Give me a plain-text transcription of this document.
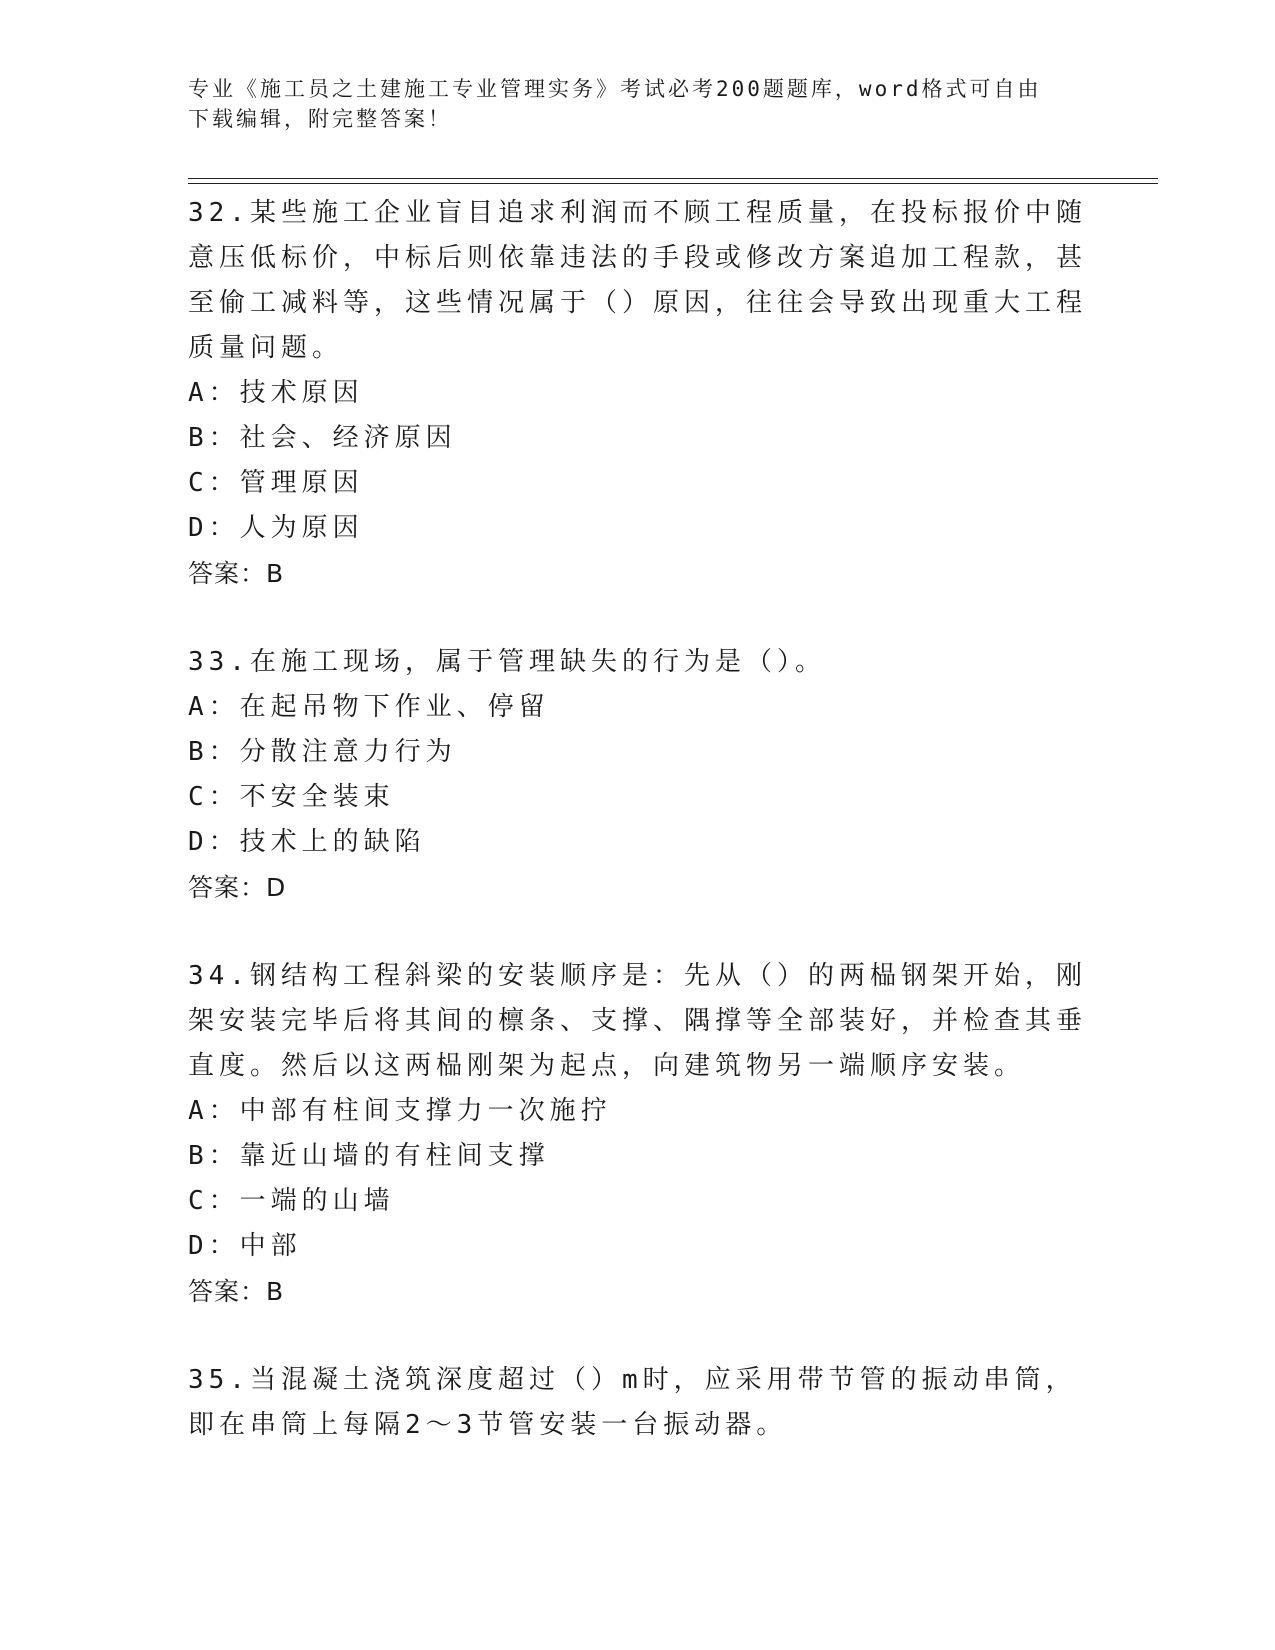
专业《施工员之土建施工专业管理实务》考试必考200题题库，word格式可自由下载编辑，附完整答案！

32.某些施工企业盲目追求利润而不顾工程质量，在投标报价中随意压低标价，中标后则依靠违法的手段或修改方案追加工程款，甚至偷工减料等，这些情况属于（）原因，往往会导致出现重大工程质量问题。

A：技术原因

B：社会、经济原因

C：管理原因

D：人为原因

答案：B

33.在施工现场，属于管理缺失的行为是（）。

A：在起吊物下作业、停留

B：分散注意力行为

C：不安全装束

D：技术上的缺陷

答案：D

34.钢结构工程斜梁的安装顺序是：先从（）的两榀钢架开始，刚架安装完毕后将其间的檩条、支撑、隅撑等全部装好，并检查其垂直度。然后以这两榀刚架为起点，向建筑物另一端顺序安装。

A：中部有柱间支撑力一次施拧

B：靠近山墙的有柱间支撑

C：一端的山墙

D：中部

答案：B

35.当混凝土浇筑深度超过（）m时，应采用带节管的振动串筒，即在串筒上每隔2～3节管安装一台振动器。
